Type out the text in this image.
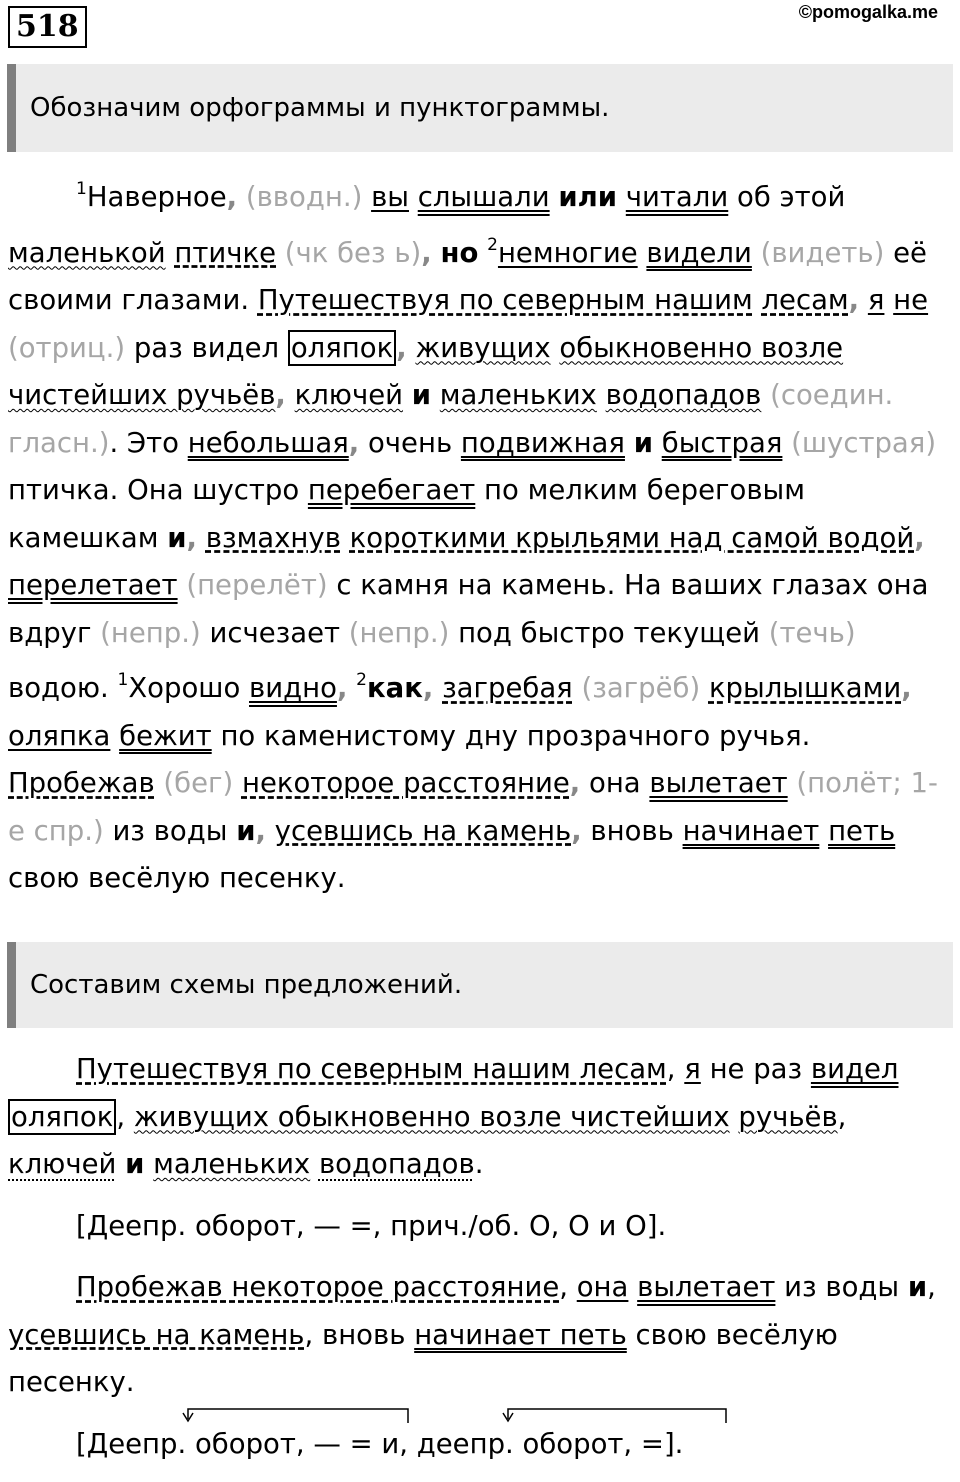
518	©pomogalka.me
Обозначим орфограммы и пунктограммы.

$^1$Наверное, (вводн.) вы слышали или читали об этой маленькой птичке (чк без ь), но $^2$немногие видели (видеть) её своими глазами. Путешествуя по северным нашим лесам, я не (отриц.) раз видел оляпок , живущих обыкновенно возле чистейших ручьёв, ключей и маленьких водопадов (соедин. гласн.). Это небольшая, очень подвижная и быстрая (шустрая) птичка. Она шустро перебегает по мелким береговым камешкам и, взмахнув короткими крыльями над самой водой, перелетает (перелёт) с камня на камень. На ваших глазах она вдруг (непр.) исчезает (непр.) под быстро текущей (течь) водою. $^1$Хорошо видно, $^2$как, загребая (загрёб) крылышками, оляпка бежит по каменистому дну прозрачного ручья. Пробежав (бег) некоторое расстояние, она вылетает (полёт; 1-е спр.) из воды и, усевшись на камень, вновь начинает петь свою весёлую песенку.

Составим схемы предложений.

Путешествуя по северным нашим лесам, я не раз видел оляпок , живущих обыкновенно возле чистейших ручьёв, ключей и маленьких водопадов.

[Деепр. оборот, — =, прич./об. О, О и О].

Пробежав некоторое расстояние, она вылетает из воды и, усевшись на камень, вновь начинает петь свою весёлую песенку.

[Деепр. оборот, — = и, деепр. оборот, =].
